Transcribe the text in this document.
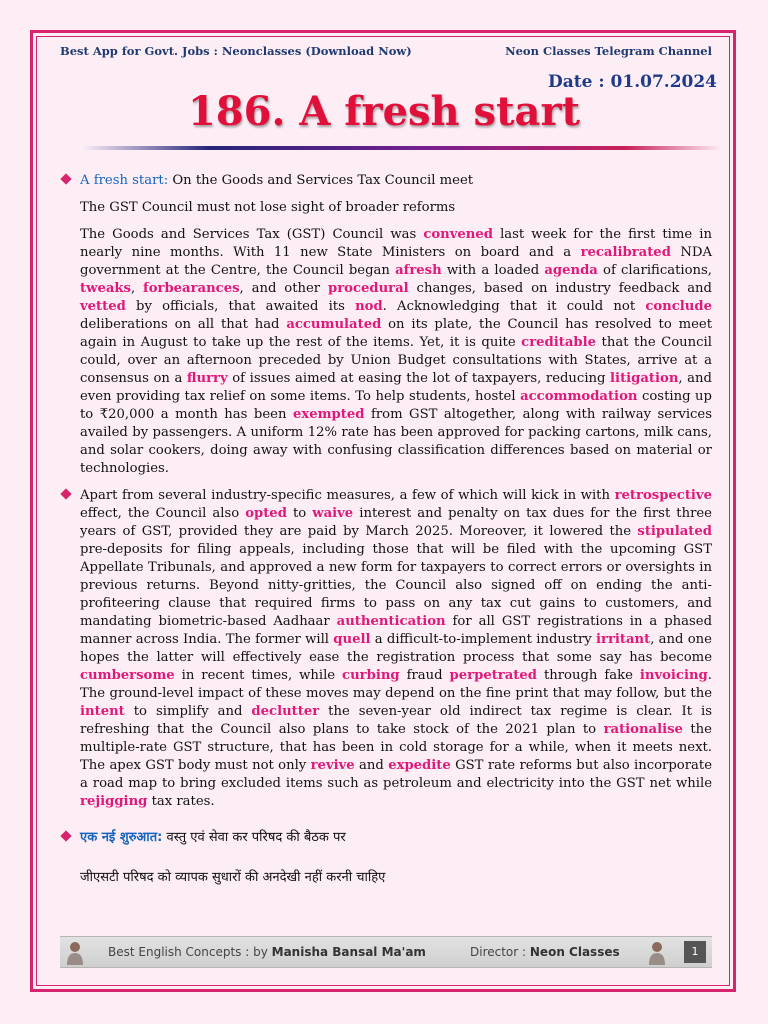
Best App for Govt. Jobs : Neonclasses (Download Now)	Neon Classes Telegram Channel
Date : 01.07.2024
186. A fresh start

A fresh start: On the Goods and Services Tax Council meet

The GST Council must not lose sight of broader reforms

The Goods and Services Tax (GST) Council was convened last week for the first time in nearly nine months. With 11 new State Ministers on board and a recalibrated NDA government at the Centre, the Council began afresh with a loaded agenda of clarifications, tweaks, forbearances, and other procedural changes, based on industry feedback and vetted by officials, that awaited its nod. Acknowledging that it could not conclude deliberations on all that had accumulated on its plate, the Council has resolved to meet again in August to take up the rest of the items. Yet, it is quite creditable that the Council could, over an afternoon preceded by Union Budget consultations with States, arrive at a consensus on a flurry of issues aimed at easing the lot of taxpayers, reducing litigation, and even providing tax relief on some items. To help students, hostel accommodation costing up to ₹20,000 a month has been exempted from GST altogether, along with railway services availed by passengers. A uniform 12% rate has been approved for packing cartons, milk cans, and solar cookers, doing away with confusing classification differences based on material or technologies.

Apart from several industry-specific measures, a few of which will kick in with retrospective effect, the Council also opted to waive interest and penalty on tax dues for the first three years of GST, provided they are paid by March 2025. Moreover, it lowered the stipulated pre-deposits for filing appeals, including those that will be filed with the upcoming GST Appellate Tribunals, and approved a new form for taxpayers to correct errors or oversights in previous returns. Beyond nitty-gritties, the Council also signed off on ending the anti-profiteering clause that required firms to pass on any tax cut gains to customers, and mandating biometric-based Aadhaar authentication for all GST registrations in a phased manner across India. The former will quell a difficult-to-implement industry irritant, and one hopes the latter will effectively ease the registration process that some say has become cumbersome in recent times, while curbing fraud perpetrated through fake invoicing. The ground-level impact of these moves may depend on the fine print that may follow, but the intent to simplify and declutter the seven-year old indirect tax regime is clear. It is refreshing that the Council also plans to take stock of the 2021 plan to rationalise the multiple-rate GST structure, that has been in cold storage for a while, when it meets next. The apex GST body must not only revive and expedite GST rate reforms but also incorporate a road map to bring excluded items such as petroleum and electricity into the GST net while rejigging tax rates.

एक नई शुरुआत: वस्तु एवं सेवा कर परिषद की बैठक पर

जीएसटी परिषद को व्यापक सुधारों की अनदेखी नहीं करनी चाहिए

Best English Concepts : by Manisha Bansal Ma'am	Director : Neon Classes	1
